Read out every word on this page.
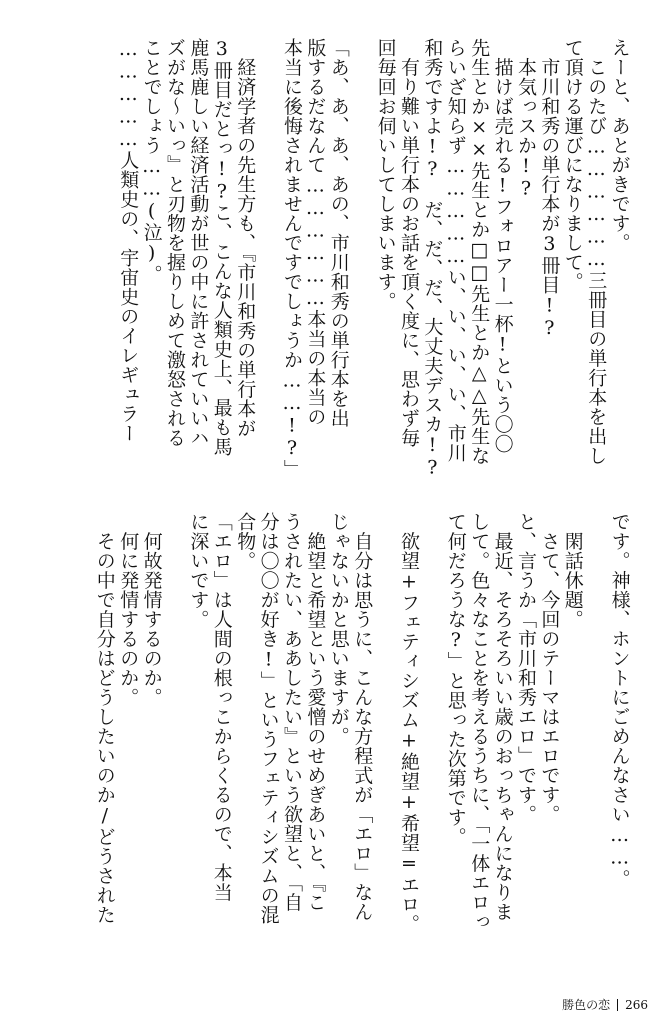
えーと、あとがきです。
　このたび………………三冊目の単行本を出し
て頂ける運びになりまして。
　市川和秀の単行本が3冊目!?
　本気っスか!?
　描けば売れる!フォロアー一杯!という〇〇
先生とか××先生とか□□先生とか△△先生な
らいざ知らず……………い、い、い、い、市川
和秀ですよ!?　だ、だ、だ、大丈夫デスカ!?
　有り難い単行本のお話を頂く度に、思わず毎
回毎回お伺いしてしまいます。
「あ、あ、あ、あの、市川和秀の単行本を出
版するだなんて………………本当の本当の
本当に後悔されませんですでしょうか……!?」
　経済学者の先生方も、『市川和秀の単行本が
3冊目だとっ!?こ、こんな人類史上、最も馬
鹿馬鹿しい経済活動が世の中に許されていいハ
ズがな〜いっ』と刃物を握りしめて激怒される
ことでしょう……(泣)。
……………人類史の、宇宙史のイレギュラー
です。神様、ホントにごめんなさい……。
　閑話休題。
　さて、今回のテーマはエロです。
と、言うか「市川和秀エロ」です。
　最近、そろそろいい歳のおっちゃんになりま
して。色々なことを考えるうちに、「一体エロっ
て何だろうな?」と思った次第です。
　欲望+フェティシズム+絶望+希望=エロ。
　自分は思うに、こんな方程式が「エロ」なん
じゃないかと思いますが。
　絶望と希望という愛憎のせめぎあいと、『こ
うされたい、ああしたい』という欲望と、「自
分は〇〇が好き!」というフェティシズムの混
合物。
「エロ」は人間の根っこからくるので、本当
に深いです。
　何故発情するのか。
　何に発情するのか。
　その中で自分はどうしたいのか/どうされた
勝色の恋 266
